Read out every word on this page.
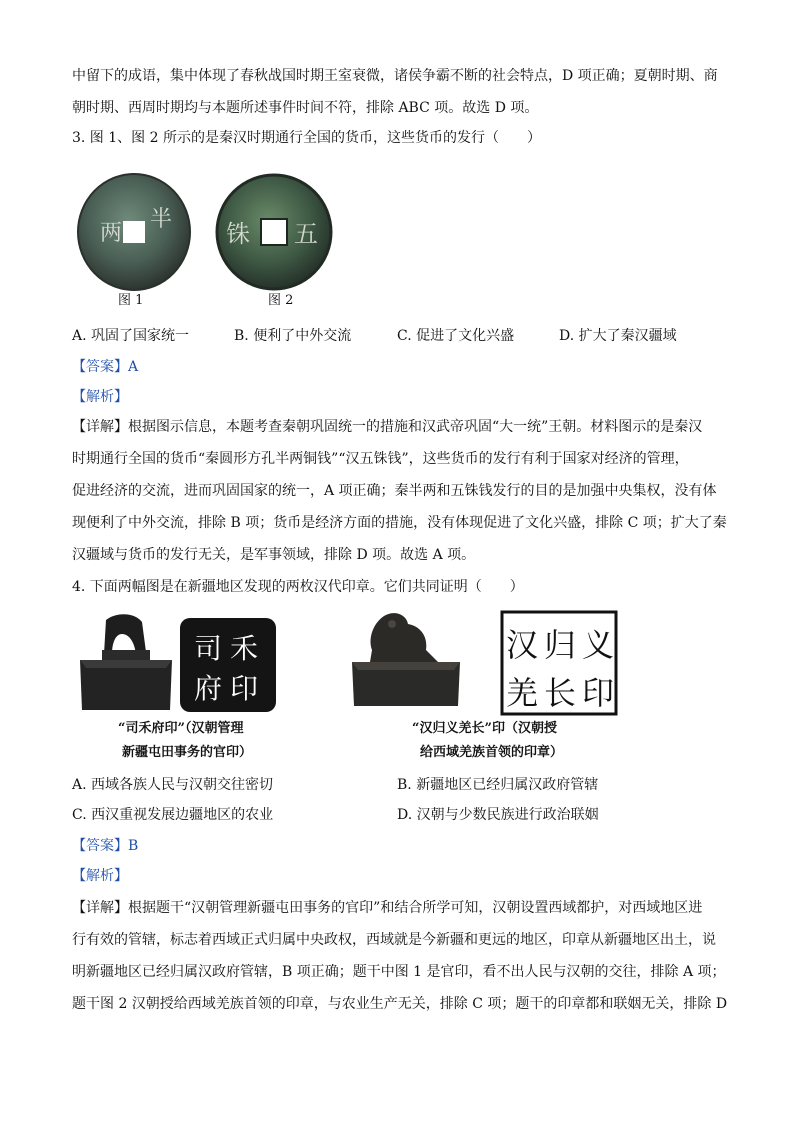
中留下的成语，集中体现了春秋战国时期王室衰微，诸侯争霸不断的社会特点，D 项正确；夏朝时期、商
朝时期、西周时期均与本题所述事件时间不符，排除 ABC 项。故选 D 项。
3. 图 1、图 2 所示的是秦汉时期通行全国的货币，这些货币的发行（　　）
两
半
铢 五
图 1	图 2
A. 巩固了国家统一	B. 便利了中外交流	C. 促进了文化兴盛	D. 扩大了秦汉疆域
【答案】A
【解析】
【详解】根据图示信息，本题考查秦朝巩固统一的措施和汉武帝巩固“大一统”王朝。材料图示的是秦汉
时期通行全国的货币“秦圆形方孔半两铜钱”“汉五铢钱”，这些货币的发行有利于国家对经济的管理，
促进经济的交流，进而巩固国家的统一，A 项正确；秦半两和五铢钱发行的目的是加强中央集权，没有体
现便利了中外交流，排除 B 项；货币是经济方面的措施，没有体现促进了文化兴盛，排除 C 项；扩大了秦
汉疆域与货币的发行无关，是军事领域，排除 D 项。故选 A 项。
4. 下面两幅图是在新疆地区发现的两枚汉代印章。它们共同证明（　　）
司 禾
府 印
汉 归 义
羌 长 印
“司禾府印”（汉朝管理
新疆屯田事务的官印）
“汉归义羌长”印（汉朝授
给西域羌族首领的印章）
A. 西域各族人民与汉朝交往密切	B. 新疆地区已经归属汉政府管辖
C. 西汉重视发展边疆地区的农业	D. 汉朝与少数民族进行政治联姻
【答案】B
【解析】
【详解】根据题干“汉朝管理新疆屯田事务的官印”和结合所学可知，汉朝设置西域都护，对西域地区进
行有效的管辖，标志着西域正式归属中央政权，西域就是今新疆和更远的地区，印章从新疆地区出土，说
明新疆地区已经归属汉政府管辖，B 项正确；题干中图 1 是官印，看不出人民与汉朝的交往，排除 A 项；
题干图 2 汉朝授给西域羌族首领的印章，与农业生产无关，排除 C 项；题干的印章都和联姻无关，排除 D
